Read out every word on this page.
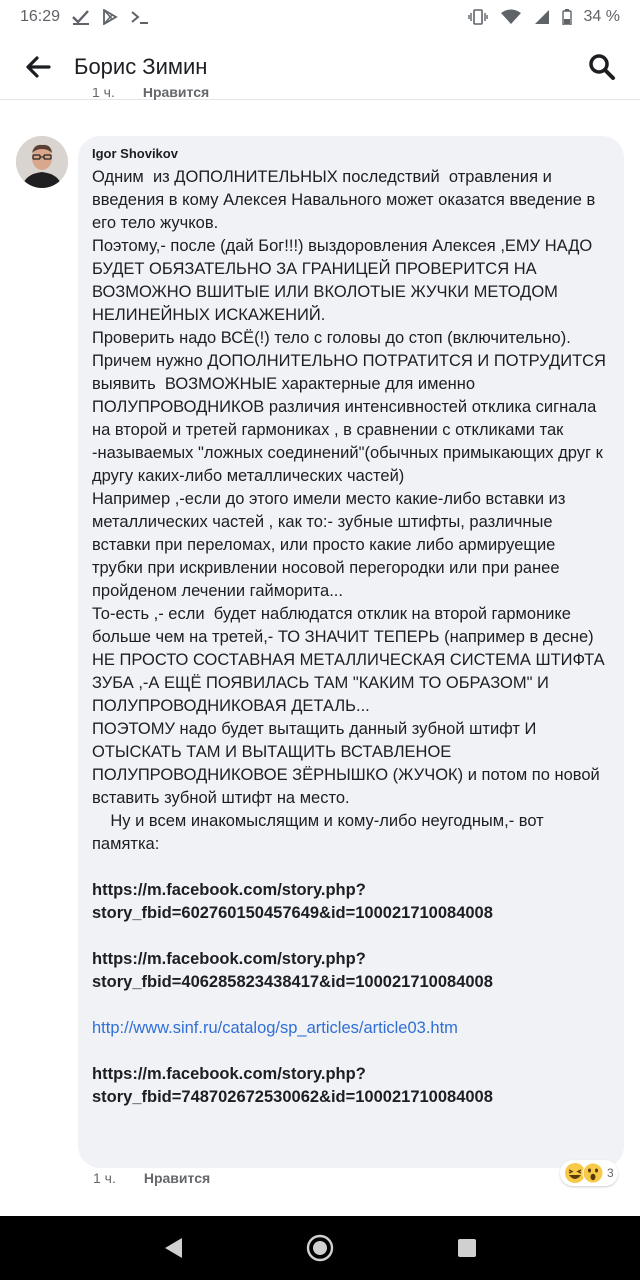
16:29	34 %
Борис Зимин
1 ч. Нравится
Igor Shovikov

Одним  из ДОПОЛНИТЕЛЬНЫХ последствий  отравления и введения в кому Алексея Навального может оказатся введение в его тело жучков.

Поэтому,- после (дай Бог!!!) выздоровления Алексея ,ЕМУ НАДО БУДЕТ ОБЯЗАТЕЛЬНО ЗА ГРАНИЦЕЙ ПРОВЕРИТСЯ НА ВОЗМОЖНО ВШИТЫЕ ИЛИ ВКОЛОТЫЕ ЖУЧКИ МЕТОДОМ НЕЛИНЕЙНЫХ ИСКАЖЕНИЙ.

Проверить надо ВСЁ(!) тело с головы до стоп (включительно).

Причем нужно ДОПОЛНИТЕЛЬНО ПОТРАТИТСЯ И ПОТРУДИТСЯ выявить  ВОЗМОЖНЫЕ характерные для именно ПОЛУПРОВОДНИКОВ различия интенсивностей отклика сигнала на второй и третей гармониках , в сравнении с откликами так -называемых "ложных соединений"(обычных примыкающих друг к другу каких-либо металлических частей)

Например ,-если до этого имели место какие-либо вставки из металлических частей , как то:- зубные штифты, различные вставки при переломах, или просто какие либо армируещие трубки при искривлении носовой перегородки или при ранее пройденом лечении гайморита...

То-есть ,- если  будет наблюдатся отклик на второй гармонике больше чем на третей,- ТО ЗНАЧИТ ТЕПЕРЬ (например в десне) НЕ ПРОСТО СОСТАВНАЯ МЕТАЛЛИЧЕСКАЯ СИСТЕМА ШТИФТА ЗУБА ,-А ЕЩЁ ПОЯВИЛАСЬ ТАМ "КАКИМ ТО ОБРАЗОМ" И ПОЛУПРОВОДНИКОВАЯ ДЕТАЛЬ...

ПОЭТОМУ надо будет вытащить данный зубной штифт И ОТЫСКАТЬ ТАМ И ВЫТАЩИТЬ ВСТАВЛЕНОЕ ПОЛУПРОВОДНИКОВОЕ ЗЁРНЫШКО (ЖУЧОК) и потом по новой вставить зубной штифт на место.

Ну и всем инакомыслящим и кому-либо неугодным,- вот памятка:

https://m.facebook.com/story.php?story_fbid=602760150457649&id=100021710084008
https://m.facebook.com/story.php?story_fbid=406285823438417&id=100021710084008
http://www.sinf.ru/catalog/sp_articles/article03.htm
https://m.facebook.com/story.php?story_fbid=748702672530062&id=100021710084008
1 ч. Нравится	3
